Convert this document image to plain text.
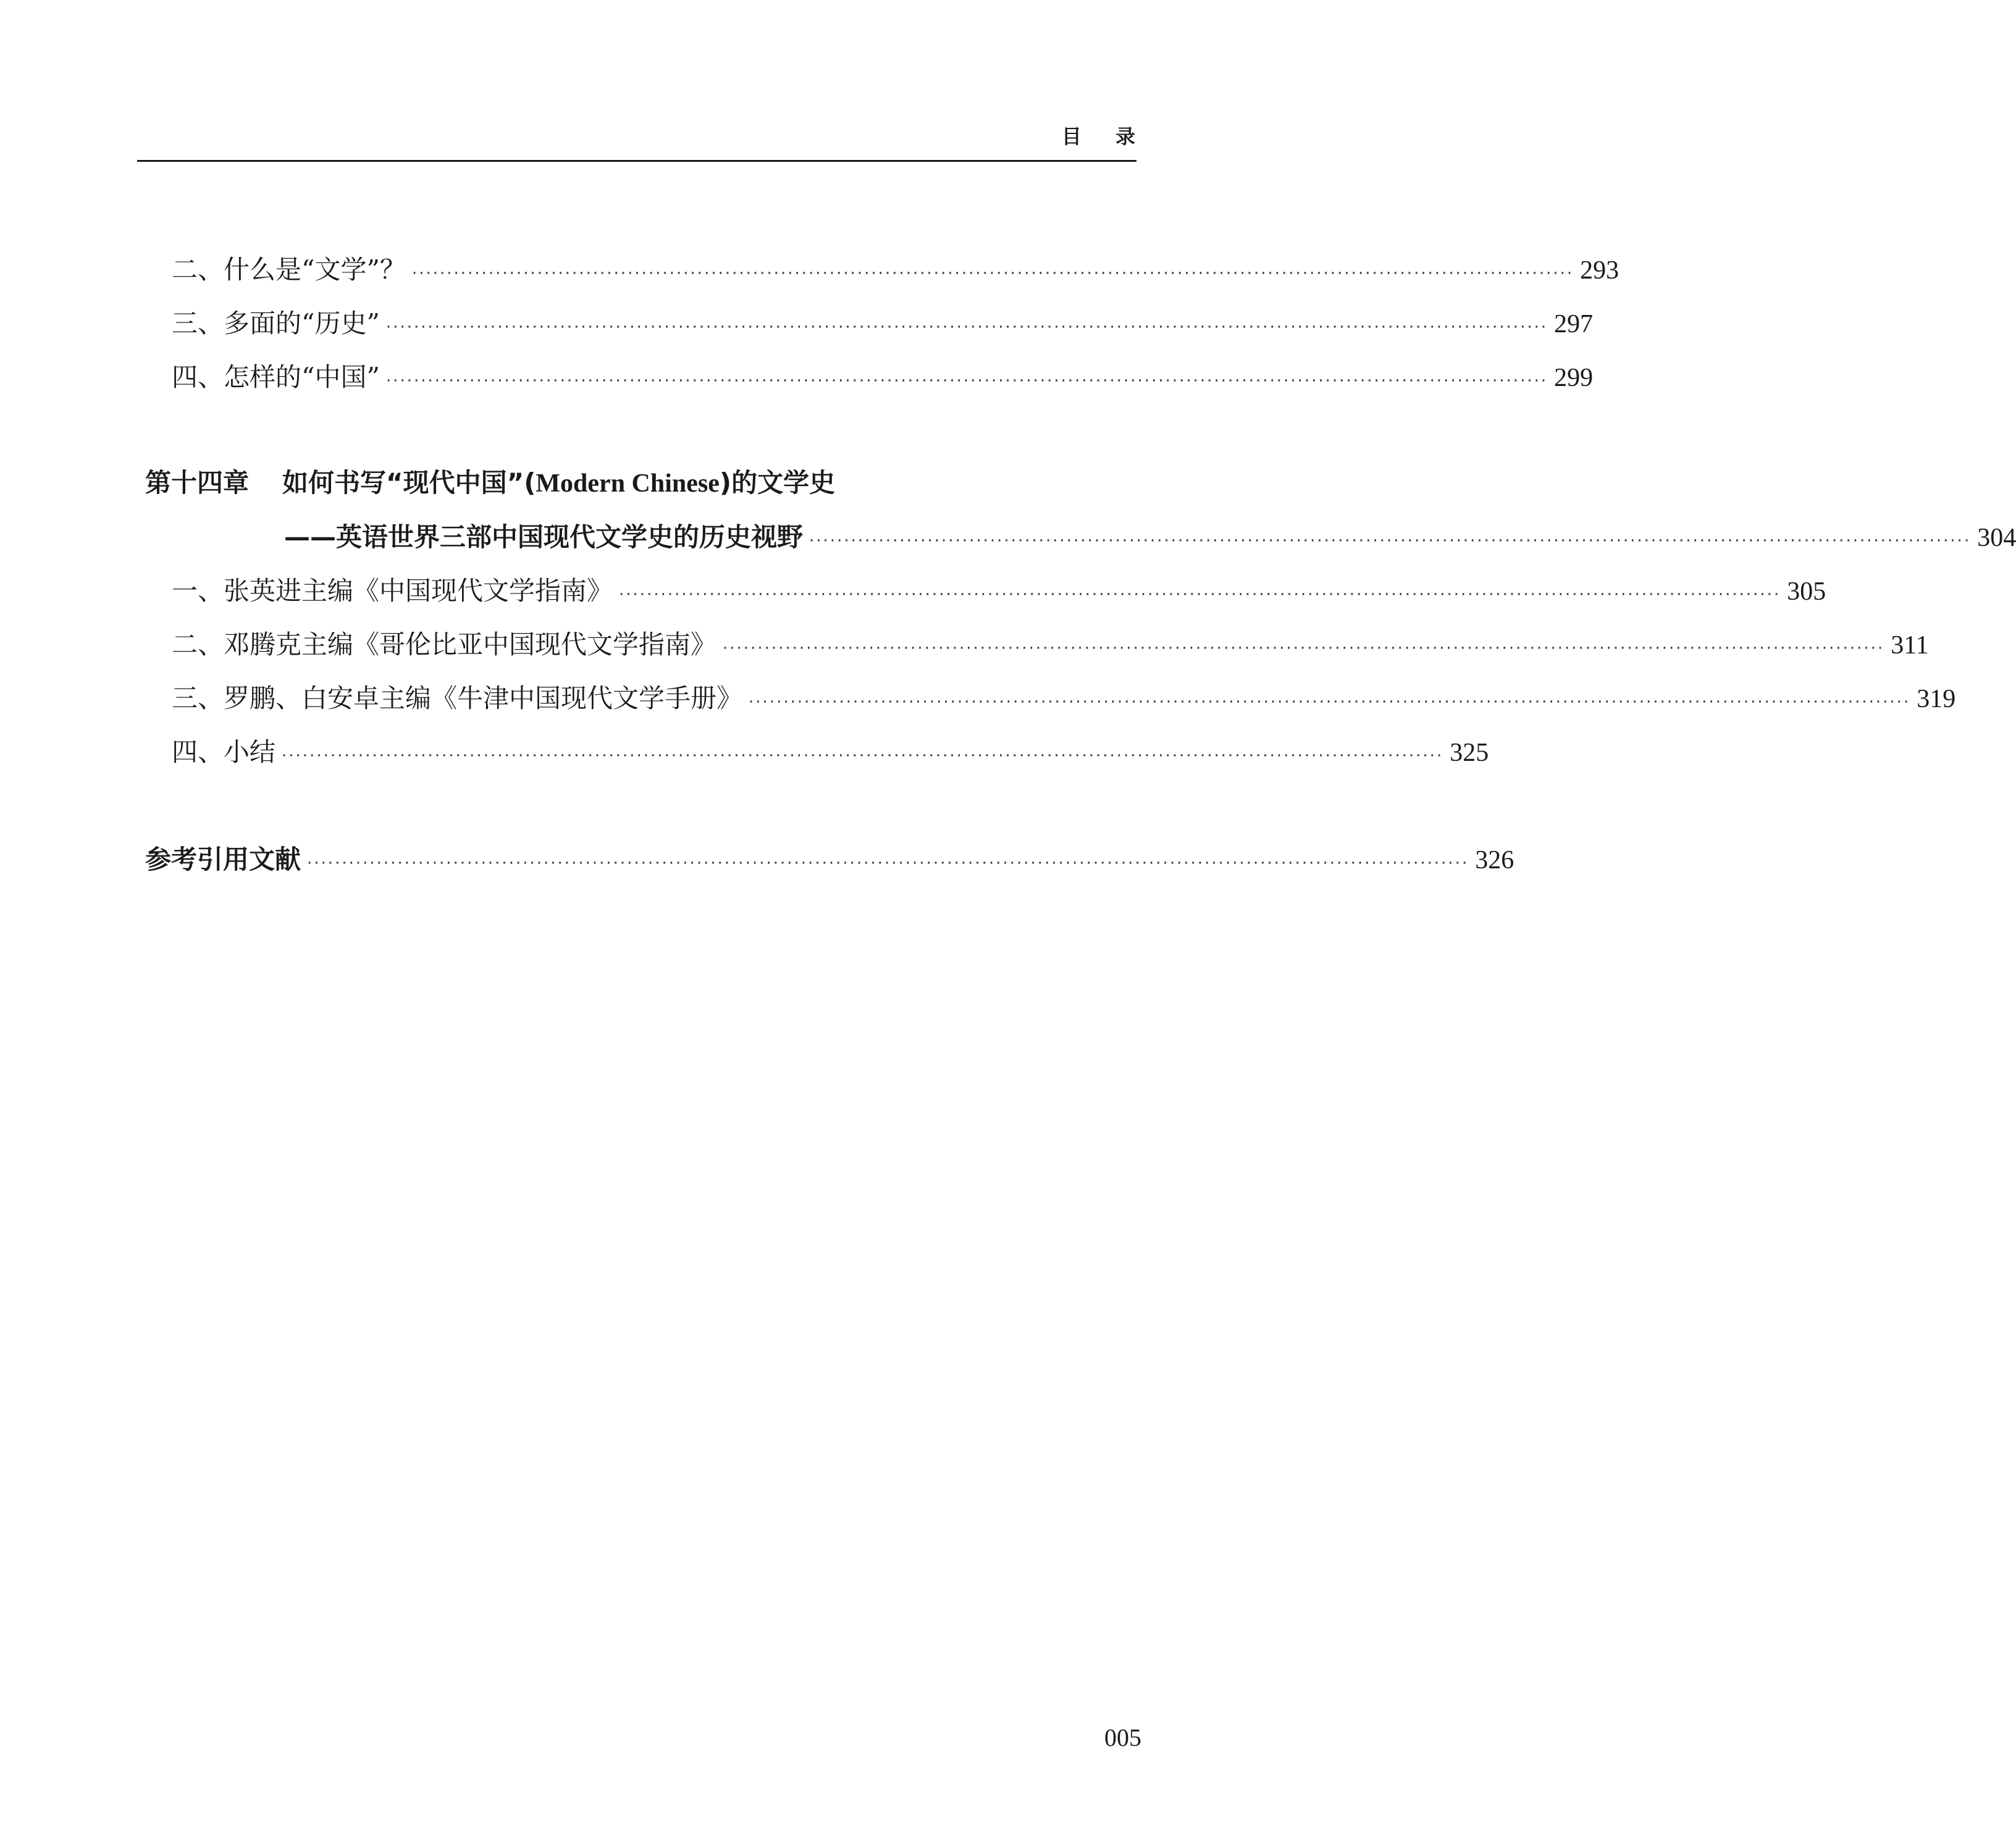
目 录
二、什么是“文学”？ ······································································································································································· 293
三、多面的“历史” ······································································································································································· 297
四、怎样的“中国” ······································································································································································· 299
第十四章 如何书写“现代中国”(Modern Chinese)的文学史
——英语世界三部中国现代文学史的历史视野 ······································································································································································· 304
一、张英进主编《中国现代文学指南》 ······································································································································································· 305
二、邓腾克主编《哥伦比亚中国现代文学指南》 ······································································································································································· 311
三、罗鹏、白安卓主编《牛津中国现代文学手册》 ······································································································································································· 319
四、小结 ······································································································································································· 325
参考引用文献 ······································································································································································· 326
005
